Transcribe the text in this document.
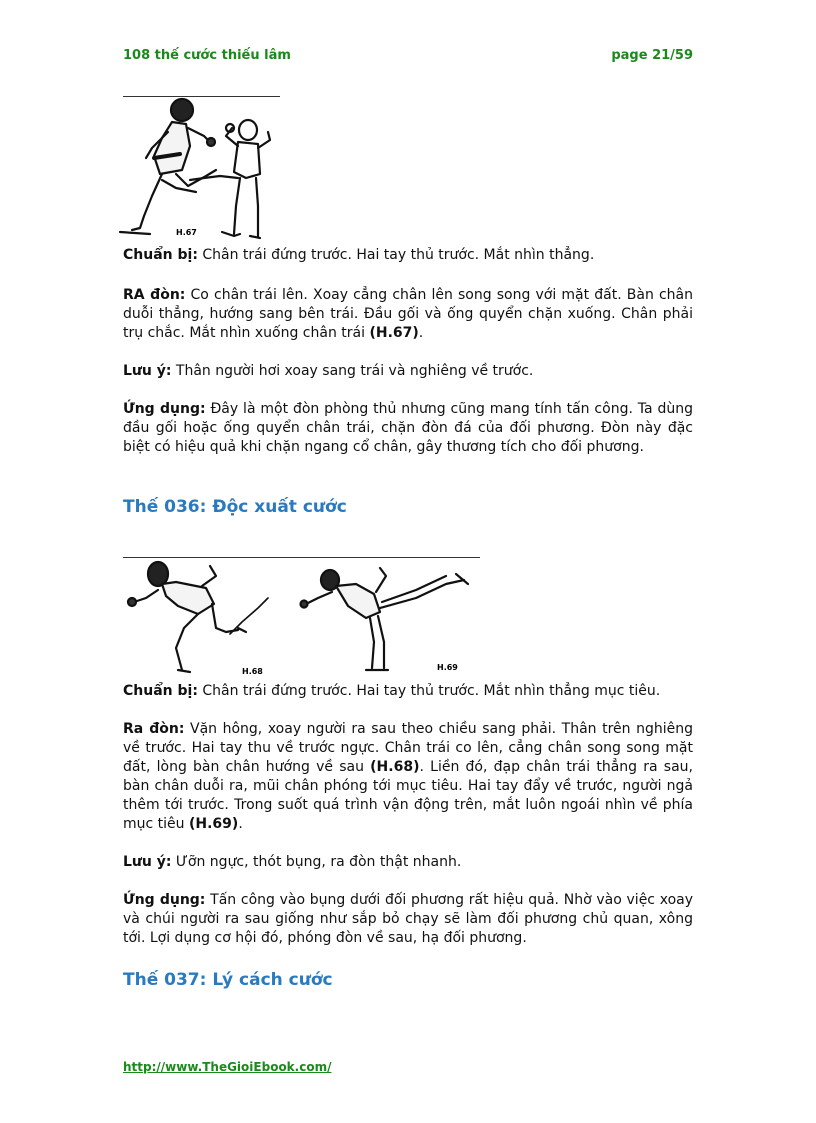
108 thế cước thiếu lâm	page 21/59
H.67

Chuẩn bị: Chân trái đứng trước. Hai tay thủ trước. Mắt nhìn thẳng.

RA đòn: Co chân trái lên. Xoay cẳng chân lên song song với mặt đất. Bàn chân duỗi thẳng, hướng sang bên trái. Đầu gối và ống quyển chặn xuống. Chân phải trụ chắc. Mắt nhìn xuống chân trái (H.67).

Lưu ý: Thân người hơi xoay sang trái và nghiêng về trước.

Ứng dụng: Đây là một đòn phòng thủ nhưng cũng mang tính tấn công. Ta dùng đầu gối hoặc ống quyển chân trái, chặn đòn đá của đối phương. Đòn này đặc biệt có hiệu quả khi chặn ngang cổ chân, gây thương tích cho đối phương.

Thế 036: Độc xuất cước
H.68	H.69

Chuẩn bị: Chân trái đứng trước. Hai tay thủ trước. Mắt nhìn thẳng mục tiêu.

Ra đòn: Vặn hông, xoay người ra sau theo chiều sang phải. Thân trên nghiêng về trước. Hai tay thu về trước ngực. Chân trái co lên, cẳng chân song song mặt đất, lòng bàn chân hướng về sau (H.68). Liền đó, đạp chân trái thẳng ra sau, bàn chân duỗi ra, mũi chân phóng tới mục tiêu. Hai tay đẩy về trước, người ngả thêm tới trước. Trong suốt quá trình vận động trên, mắt luôn ngoái nhìn về phía mục tiêu (H.69).

Lưu ý: Ưỡn ngực, thót bụng, ra đòn thật nhanh.

Ứng dụng: Tấn công vào bụng dưới đối phương rất hiệu quả. Nhờ vào việc xoay và chúi người ra sau giống như sắp bỏ chạy sẽ làm đối phương chủ quan, xông tới. Lợi dụng cơ hội đó, phóng đòn về sau, hạ đối phương.

Thế 037: Lý cách cước
http://www.TheGioiEbook.com/
